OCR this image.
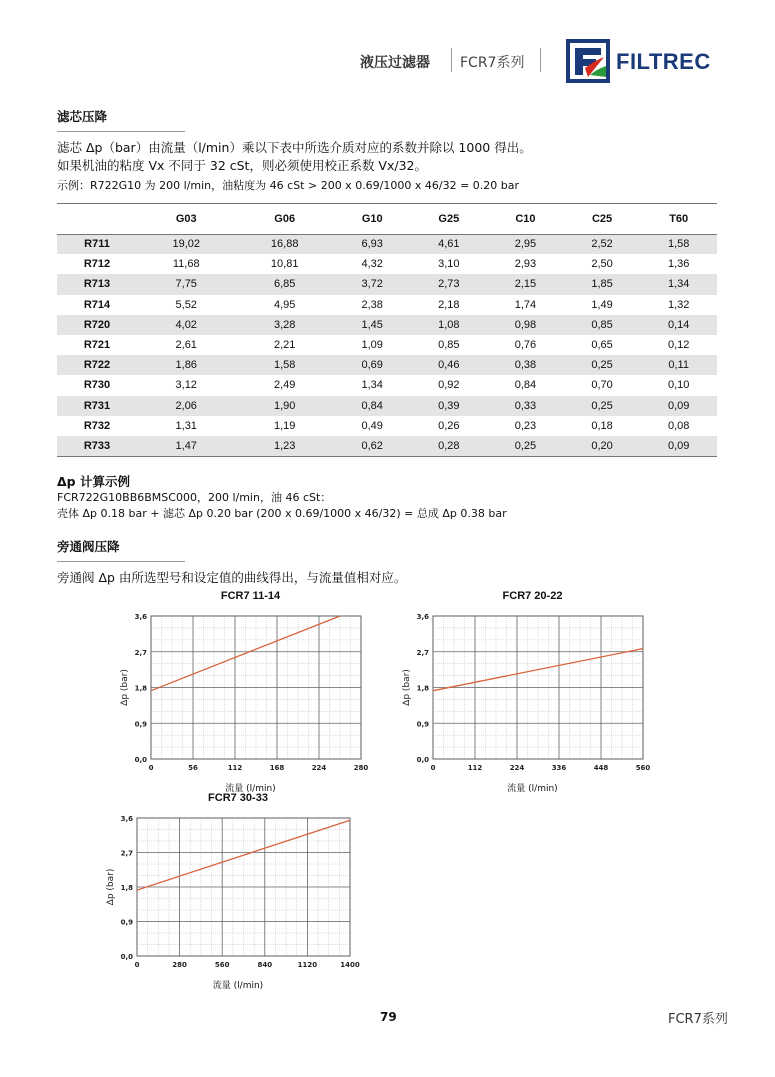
液压过滤器 FCR7系列	FILTREC
滤芯压降
滤芯 Δp（bar）由流量（l/min）乘以下表中所选介质对应的系数并除以 1000 得出。
如果机油的粘度 Vx 不同于 32 cSt，则必须使用校正系数 Vx/32。
示例：R722G10 为 200 l/min，油粘度为 46 cSt > 200 x 0.69/1000 x 46/32 = 0.20 bar
	G03	G06	G10	G25	C10	C25	T60
R711	19,02	16,88	6,93	4,61	2,95	2,52	1,58
R712	11,68	10,81	4,32	3,10	2,93	2,50	1,36
R713	7,75	6,85	3,72	2,73	2,15	1,85	1,34
R714	5,52	4,95	2,38	2,18	1,74	1,49	1,32
R720	4,02	3,28	1,45	1,08	0,98	0,85	0,14
R721	2,61	2,21	1,09	0,85	0,76	0,65	0,12
R722	1,86	1,58	0,69	0,46	0,38	0,25	0,11
R730	3,12	2,49	1,34	0,92	0,84	0,70	0,10
R731	2,06	1,90	0,84	0,39	0,33	0,25	0,09
R732	1,31	1,19	0,49	0,26	0,23	0,18	0,08
R733	1,47	1,23	0,62	0,28	0,25	0,20	0,09
Δp 计算示例
FCR722G10BB6BMSC000，200 l/min，油 46 cSt：
壳体 Δp 0.18 bar + 滤芯 Δp 0.20 bar (200 x 0.69/1000 x 46/32) = 总成 Δp 0.38 bar
旁通阀压降
旁通阀 Δp 由所选型号和设定值的曲线得出，与流量值相对应。
FCR7 11-14
0	56	112	168	224	280
0,0
0,9
1,8
2,7
3,6
Δp (bar)
流量 (l/min)
FCR7 20-22
0	112	224	336	448	560
0,0
0,9
1,8
2,7
3,6
Δp (bar)
流量 (l/min)
FCR7 30-33
0	280	560	840	1120	1400
0,0
0,9
1,8
2,7
3,6
Δp (bar)
流量 (l/min)
79	FCR7系列
